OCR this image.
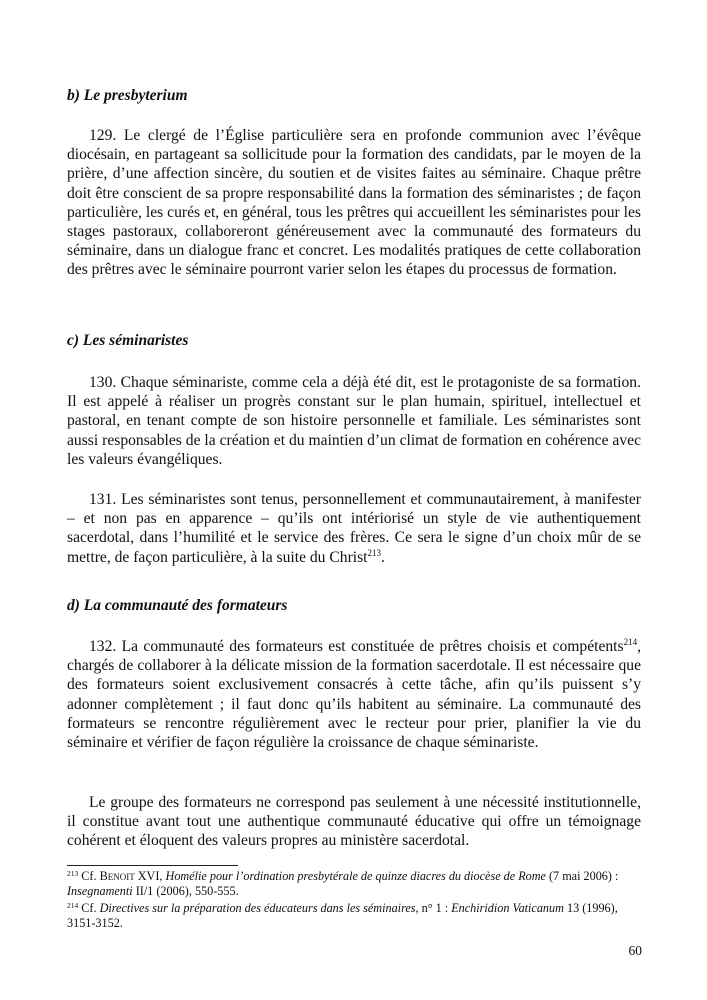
b) Le presbyterium

129. Le clergé de l’Église particulière sera en profonde communion avec l’évêque diocésain, en partageant sa sollicitude pour la formation des candidats, par le moyen de la prière, d’une affection sincère, du soutien et de visites faites au séminaire. Chaque prêtre doit être conscient de sa propre responsabilité dans la formation des séminaristes ; de façon particulière, les curés et, en général, tous les prêtres qui accueillent les séminaristes pour les stages pastoraux, collaboreront généreusement avec la communauté des formateurs du séminaire, dans un dialogue franc et concret. Les modalités pratiques de cette collaboration des prêtres avec le séminaire pourront varier selon les étapes du processus de formation.

c) Les séminaristes

130. Chaque séminariste, comme cela a déjà été dit, est le protagoniste de sa formation. Il est appelé à réaliser un progrès constant sur le plan humain, spirituel, intellectuel et pastoral, en tenant compte de son histoire personnelle et familiale. Les séminaristes sont aussi responsables de la création et du maintien d’un climat de formation en cohérence avec les valeurs évangéliques.

131. Les séminaristes sont tenus, personnellement et communautairement, à manifester – et non pas en apparence – qu’ils ont intériorisé un style de vie authentiquement sacerdotal, dans l’humilité et le service des frères. Ce sera le signe d’un choix mûr de se mettre, de façon particulière, à la suite du Christ$^{213}$.

d) La communauté des formateurs

132. La communauté des formateurs est constituée de prêtres choisis et compétents$^{214}$, chargés de collaborer à la délicate mission de la formation sacerdotale. Il est nécessaire que des formateurs soient exclusivement consacrés à cette tâche, afin qu’ils puissent s’y adonner complètement ; il faut donc qu’ils habitent au séminaire. La communauté des formateurs se rencontre régulièrement avec le recteur pour prier, planifier la vie du séminaire et vérifier de façon régulière la croissance de chaque séminariste.

Le groupe des formateurs ne correspond pas seulement à une nécessité institutionnelle, il constitue avant tout une authentique communauté éducative qui offre un témoignage cohérent et éloquent des valeurs propres au ministère sacerdotal.

$^{213}$ Cf. Benoit XVI, Homélie pour l’ordination presbytérale de quinze diacres du diocèse de Rome (7 mai 2006) : Insegnamenti II/1 (2006), 550-555.

$^{214}$ Cf. Directives sur la préparation des éducateurs dans les séminaires, n° 1 : Enchiridion Vaticanum 13 (1996), 3151-3152.

60
